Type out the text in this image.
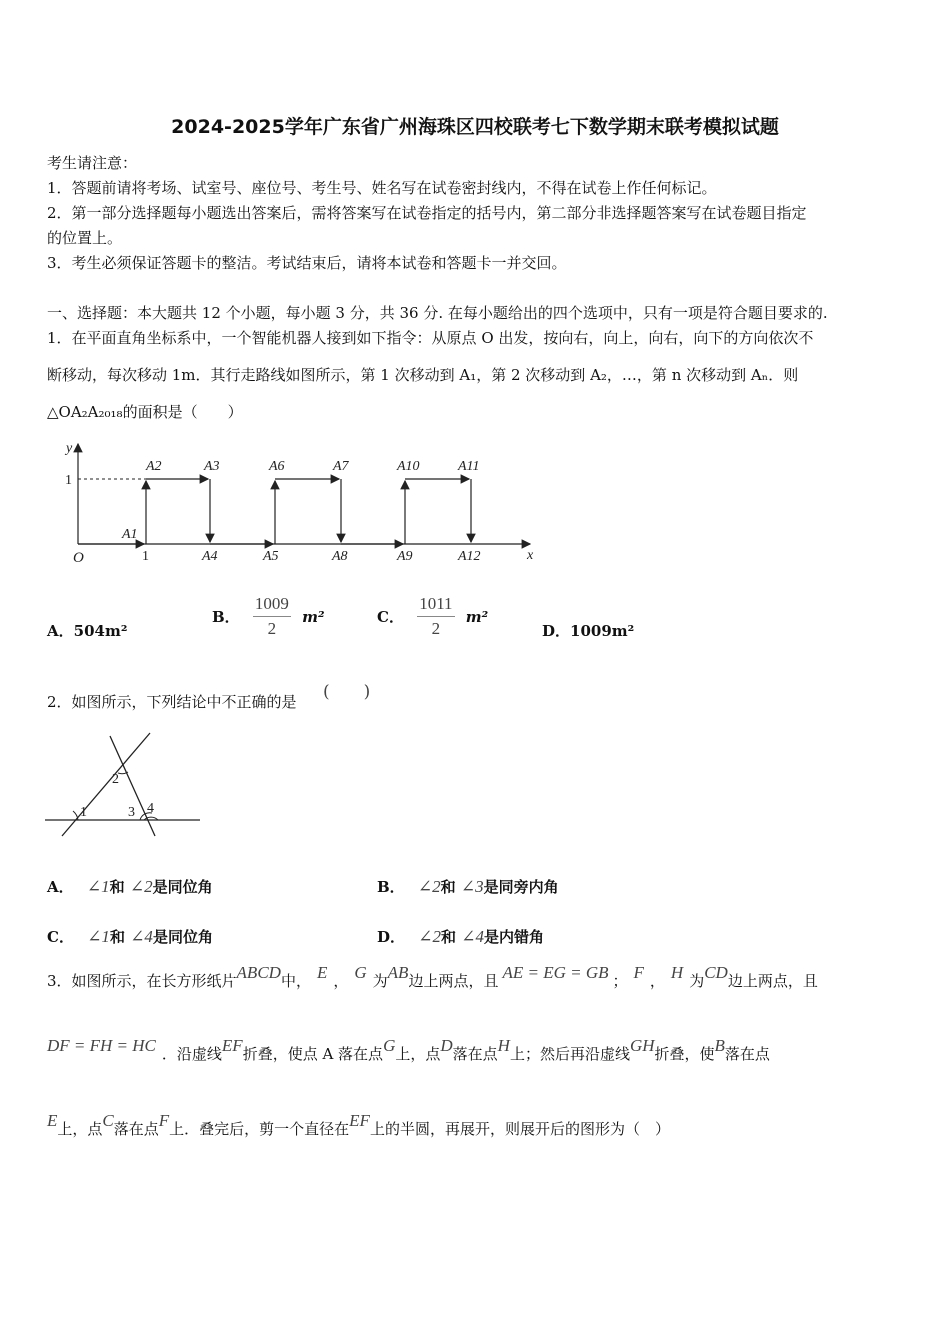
2024-2025学年广东省广州海珠区四校联考七下数学期末联考模拟试题
考生请注意：
1．答题前请将考场、试室号、座位号、考生号、姓名写在试卷密封线内，不得在试卷上作任何标记。
2．第一部分选择题每小题选出答案后，需将答案写在试卷指定的括号内，第二部分非选择题答案写在试卷题目指定
的位置上。
3．考生必须保证答题卡的整洁。考试结束后，请将本试卷和答题卡一并交回。
一、选择题：本大题共 12 个小题，每小题 3 分，共 36 分. 在每小题给出的四个选项中，只有一项是符合题目要求的.
1．在平面直角坐标系中，一个智能机器人接到如下指令：从原点 O 出发，按向右，向上，向右，向下的方向依次不
断移动，每次移动 1m．其行走路线如图所示，第 1 次移动到 A₁，第 2 次移动到 A₂，…，第 n 次移动到 Aₙ．则
△OA₂A₂₀₁₈的面积是（　　）
y
x
O
1
1
A1
A2	A3	A6	A7	A10	A11
A4	A5	A8	A9	A12
A．504m²
B． $\frac{1009}{2} m^2$	C． $\frac{1011}{2} m^2$
D．1009m²
2．如图所示，下列结论中不正确的是 (　　)
1
2
3 4
A． ∠1和 ∠2是同位角	B． ∠2和 ∠3是同旁内角
C． ∠1和 ∠4是同位角	D． ∠2和 ∠4是内错角
3．如图所示，在长方形纸片ABCD中， E ， G 为AB边上两点，且 AE = EG = GB ； F ， H 为CD边上两点，且
DF = FH = HC ．沿虚线EF折叠，使点 A 落在点G上，点D落在点H上；然后再沿虚线GH折叠，使B落在点
E上，点C落在点F上．叠完后，剪一个直径在EF上的半圆，再展开，则展开后的图形为（　）
